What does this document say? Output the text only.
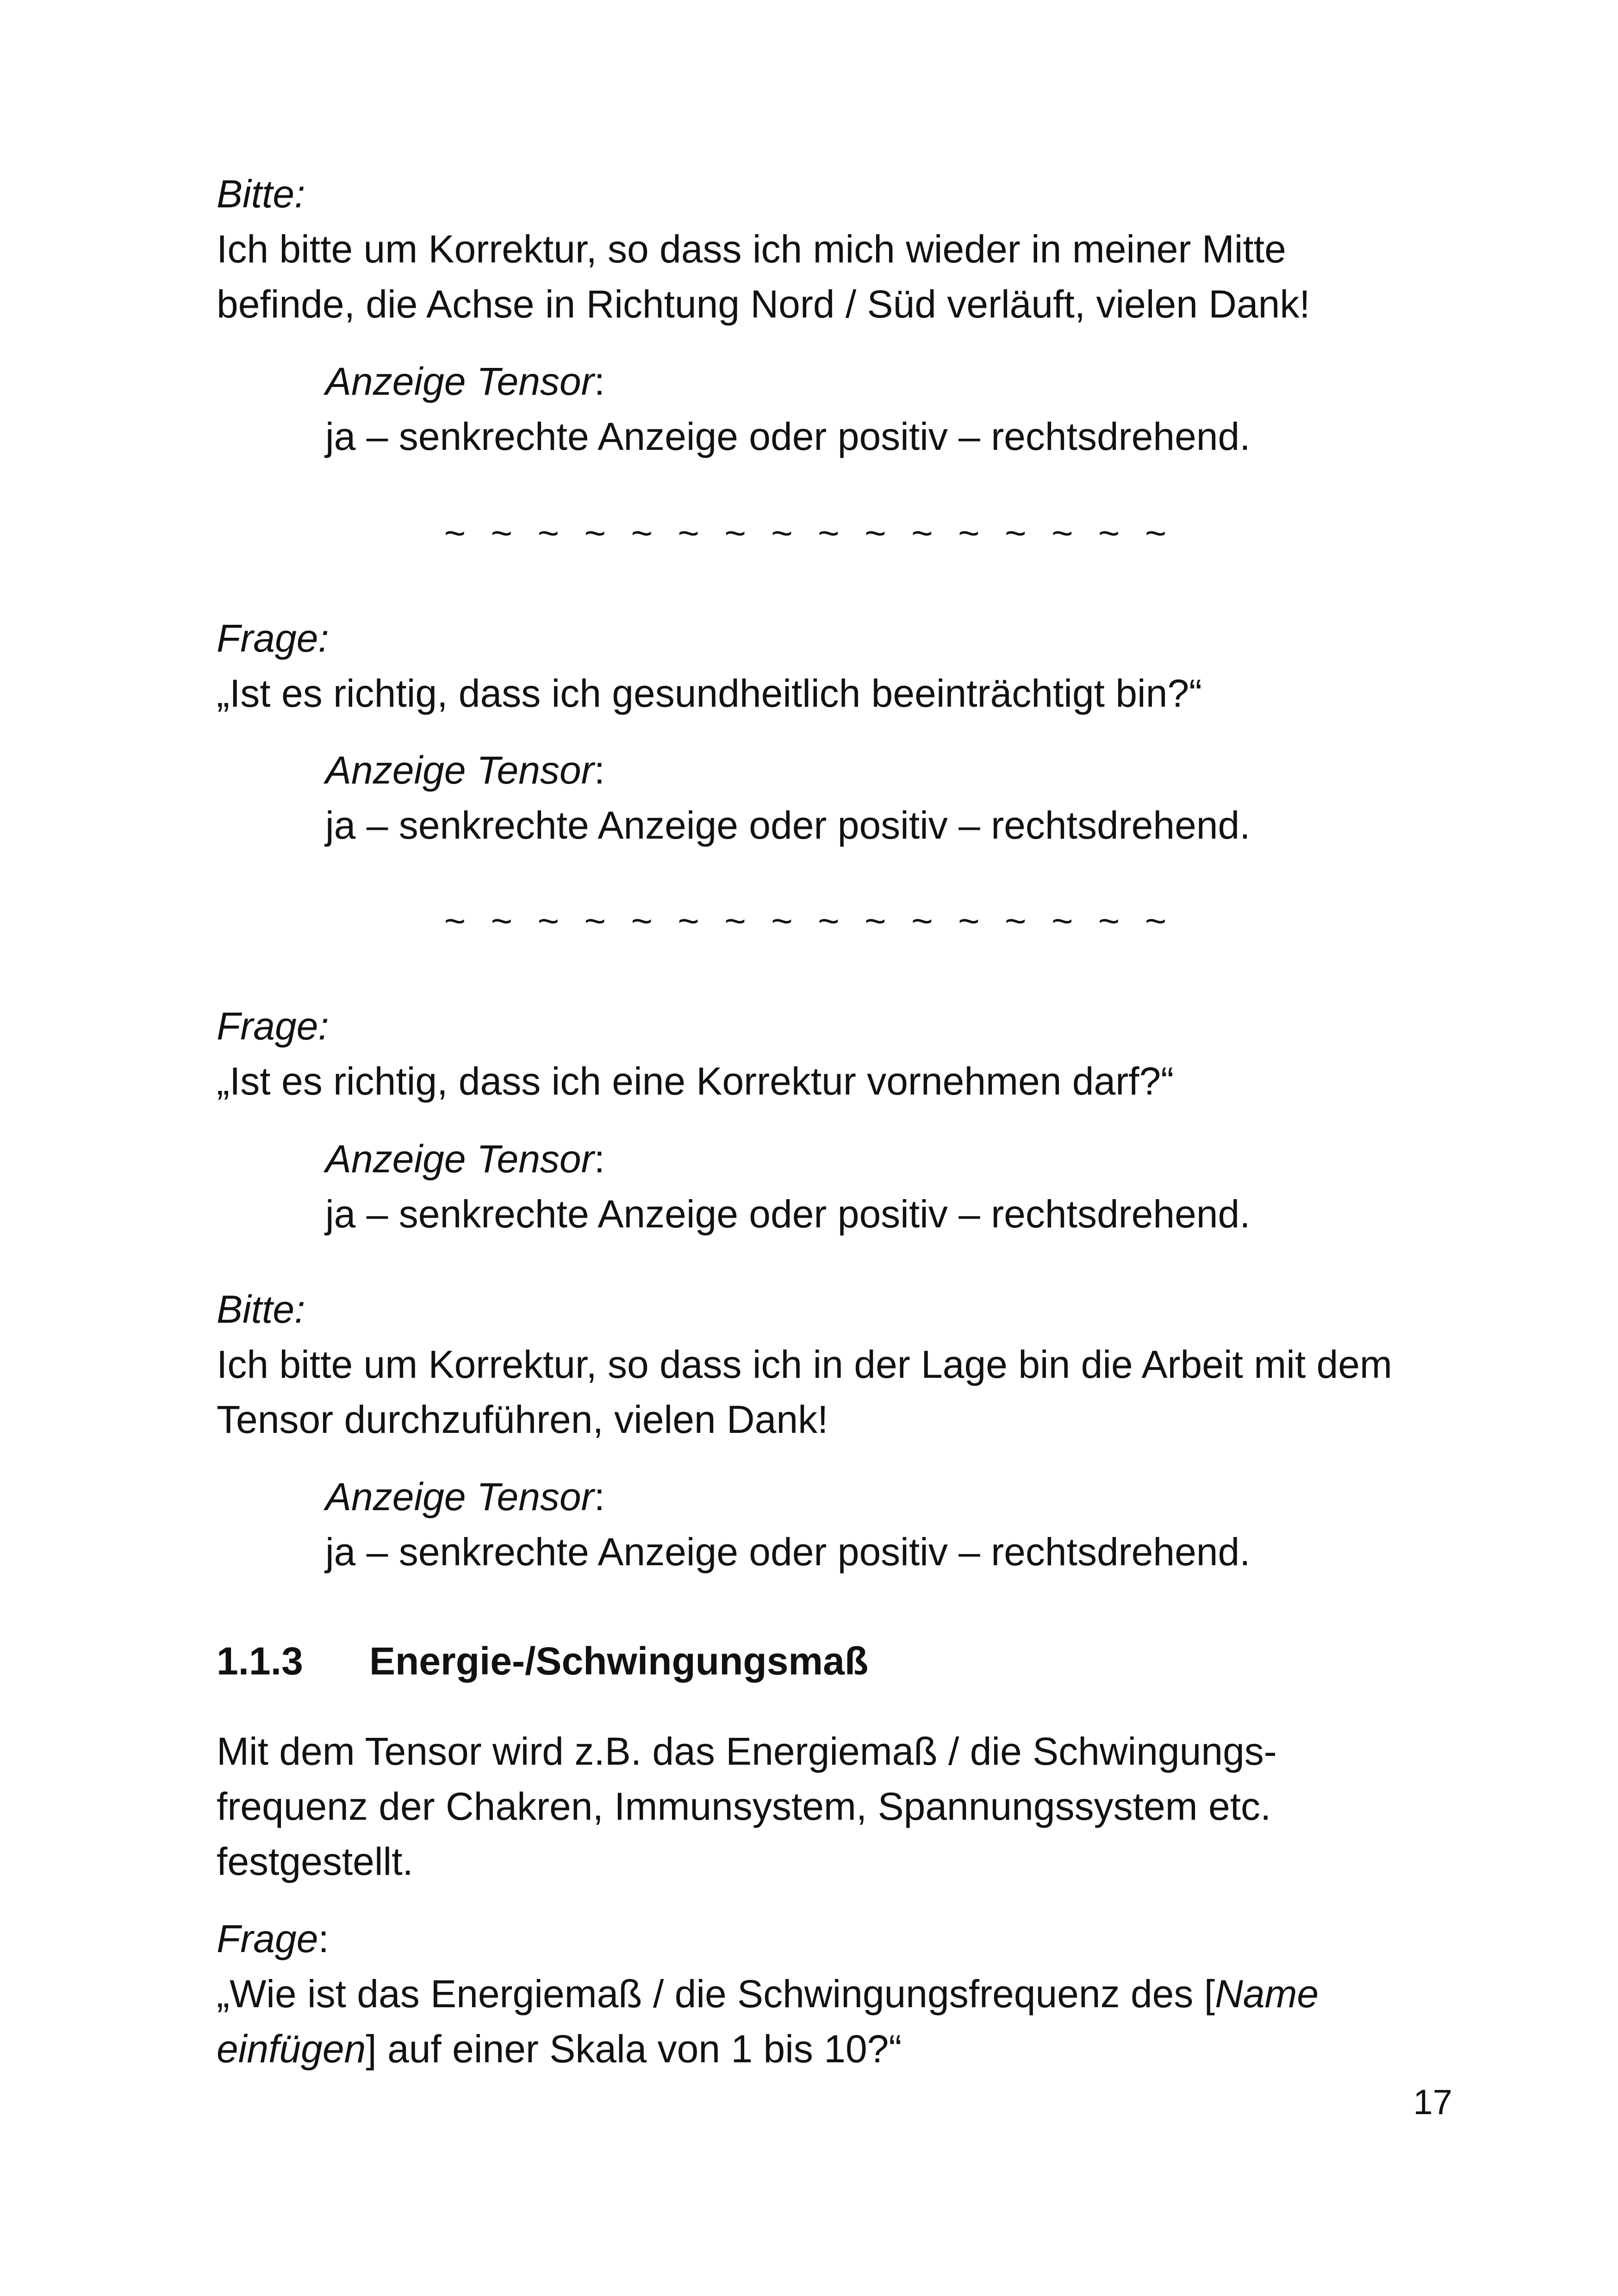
Bitte:
Ich bitte um Korrektur, so dass ich mich wieder in meiner Mitte
befinde, die Achse in Richtung Nord / Süd verläuft, vielen Dank!
Anzeige Tensor:
ja – senkrechte Anzeige oder positiv – rechtsdrehend.
~ ~ ~ ~ ~ ~ ~ ~ ~ ~ ~ ~ ~ ~ ~ ~
Frage:
„Ist es richtig, dass ich gesundheitlich beeinträchtigt bin?“
Anzeige Tensor:
ja – senkrechte Anzeige oder positiv – rechtsdrehend.
~ ~ ~ ~ ~ ~ ~ ~ ~ ~ ~ ~ ~ ~ ~ ~
Frage:
„Ist es richtig, dass ich eine Korrektur vornehmen darf?“
Anzeige Tensor:
ja – senkrechte Anzeige oder positiv – rechtsdrehend.
Bitte:
Ich bitte um Korrektur, so dass ich in der Lage bin die Arbeit mit dem
Tensor durchzuführen, vielen Dank!
Anzeige Tensor:
ja – senkrechte Anzeige oder positiv – rechtsdrehend.
1.1.3 Energie-/Schwingungsmaß
Mit dem Tensor wird z.B. das Energiemaß / die Schwingungs-
frequenz der Chakren, Immunsystem, Spannungssystem etc.
festgestellt.
Frage:
„Wie ist das Energiemaß / die Schwingungsfrequenz des [Name
einfügen] auf einer Skala von 1 bis 10?“
17
